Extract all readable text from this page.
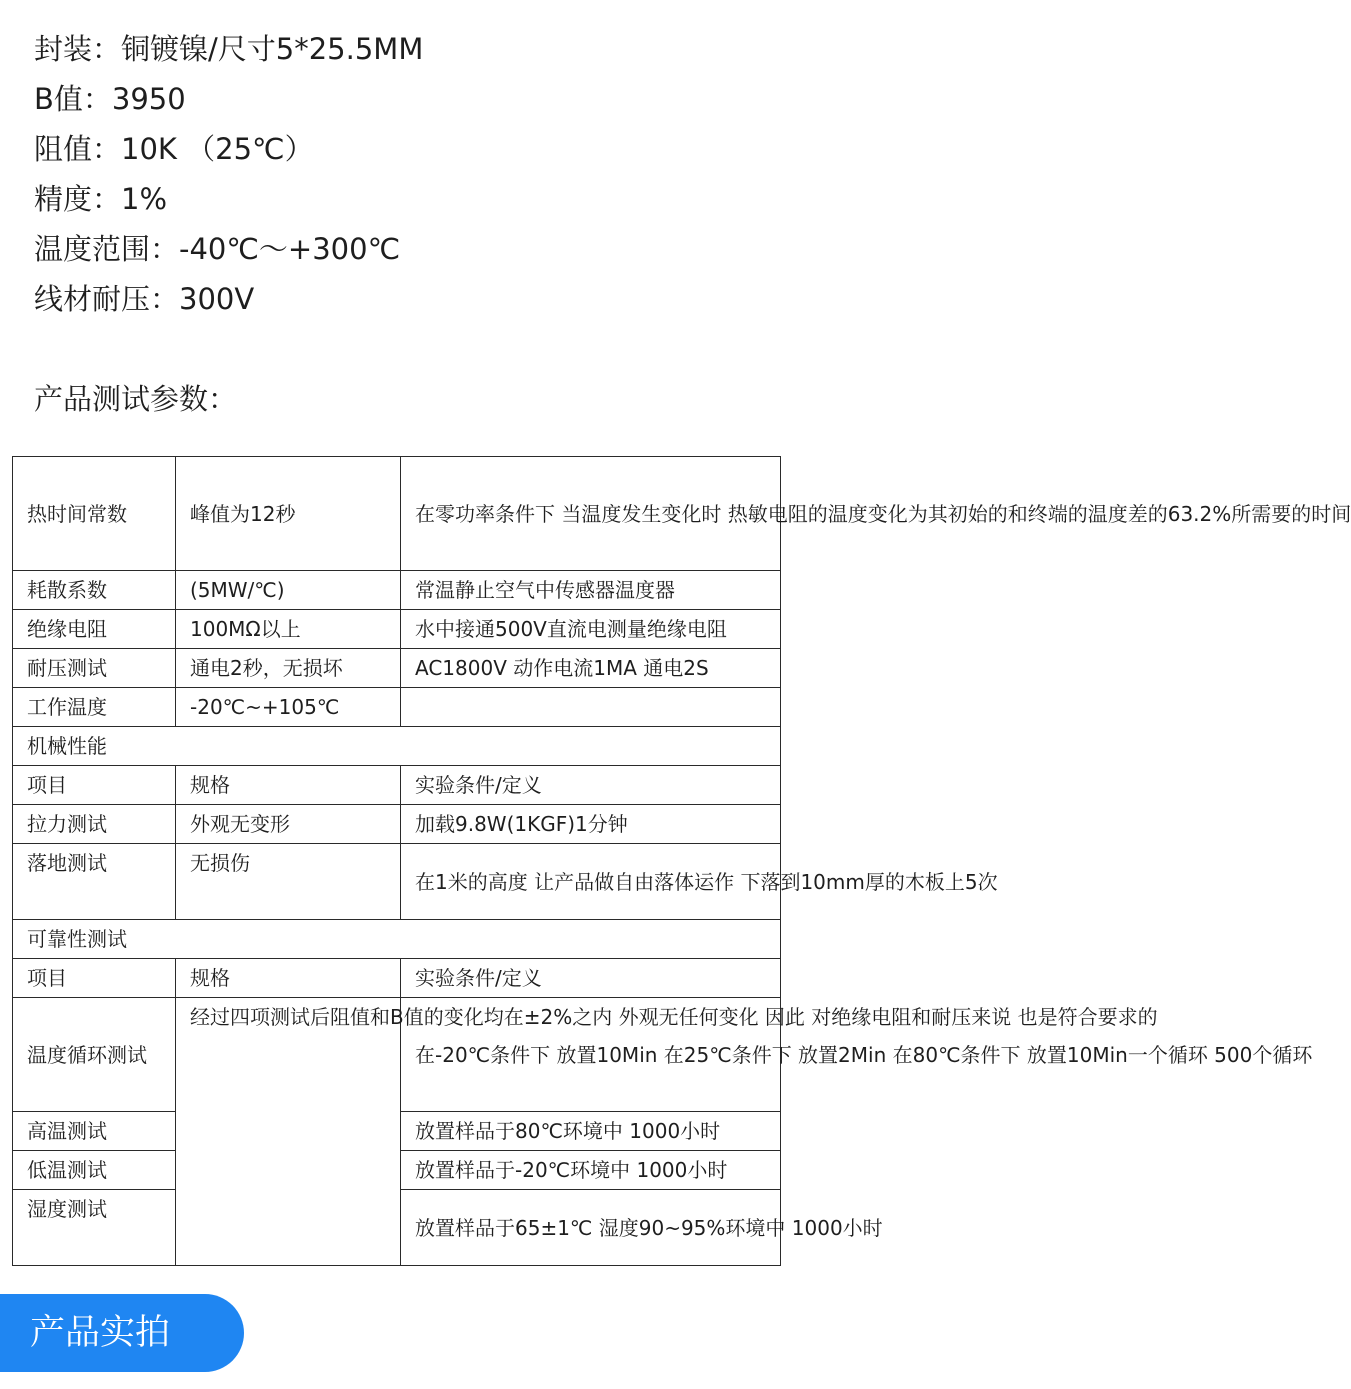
封装：铜镀镍/尺寸5*25.5MM
B值：3950
阻值：10K （25℃）
精度：1%
温度范围：-40℃～+300℃
线材耐压：300V
产品测试参数：
热时间常数	峰值为12秒	在零功率条件下 当温度发生变化时 热敏电阻的温度变化为其初始的和终端的温度差的63.2%所需要的时间
耗散系数	(5MW/℃)	常温静止空气中传感器温度器
绝缘电阻	100MΩ以上	水中接通500V直流电测量绝缘电阻
耐压测试	通电2秒，无损坏	AC1800V 动作电流1MA 通电2S
工作温度	-20℃~+105℃	
机械性能		
项目	规格	实验条件/定义
拉力测试	外观无变形	加载9.8W(1KGF)1分钟
落地测试	无损伤	在1米的高度 让产品做自由落体运作 下落到10mm厚的木板上5次
可靠性测试		
项目	规格	实验条件/定义
温度循环测试	经过四项测试后阻值和B值的变化均在±2%之内 外观无任何变化 因此 对绝缘电阻和耐压来说 也是符合要求的	在-20℃条件下 放置10Min 在25℃条件下 放置2Min 在80℃条件下 放置10Min一个循环 500个循环
高温测试		放置样品于80℃环境中 1000小时
低温测试		放置样品于-20℃环境中 1000小时
湿度测试		放置样品于65±1℃ 湿度90~95%环境中 1000小时
产品实拍
